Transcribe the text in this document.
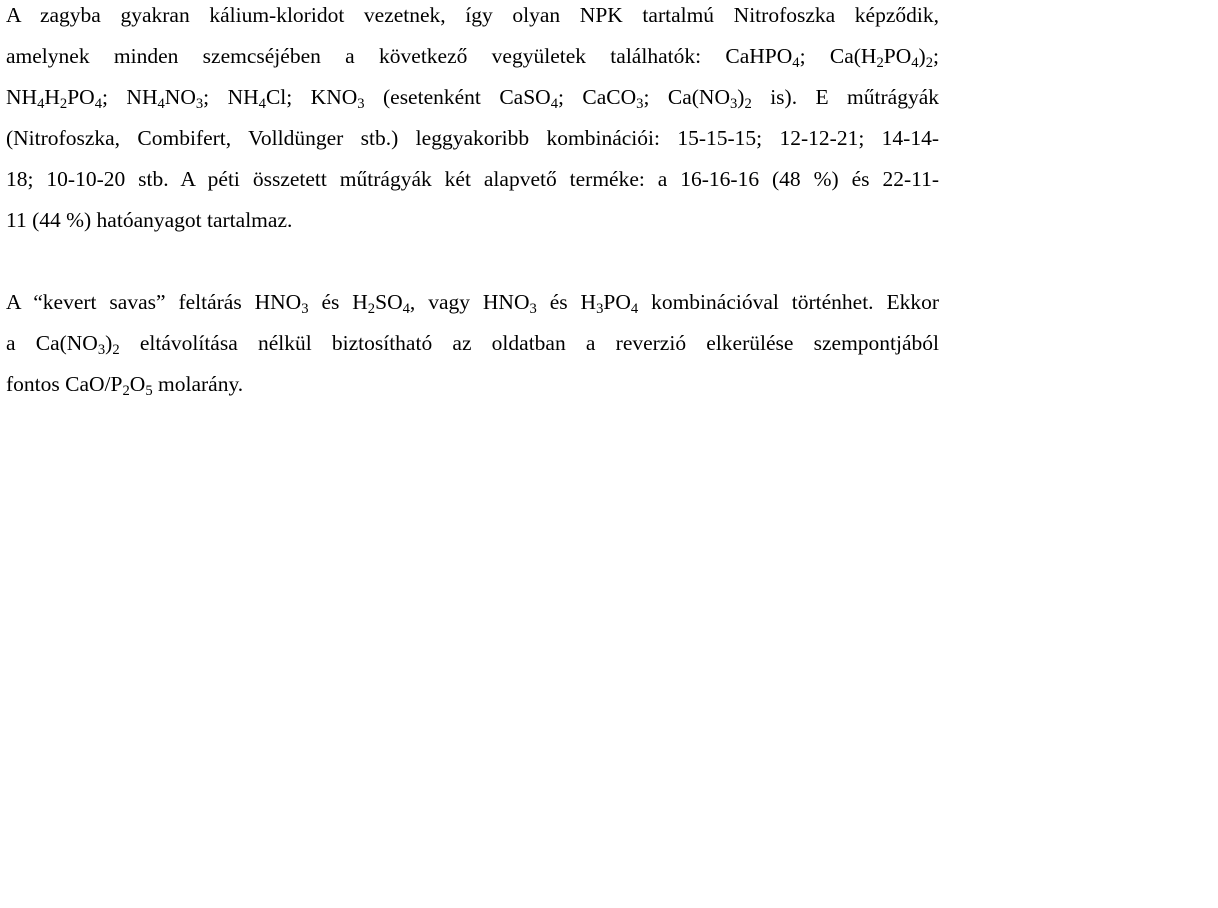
A zagyba gyakran kálium-kloridot vezetnek, így olyan NPK tartalmú Nitrofoszka képződik,
amelynek minden szemcséjében a következő vegyületek találhatók: CaHPO$_4$; $Ca(H_2PO_4)_2$;
$NH_4H_2PO_4$; $NH_4NO_3$; $NH_4Cl$; $KNO_3$ (esetenként CaSO$_4$; CaCO$_3$; $Ca(NO_3)_2$ is). E műtrágyák
(Nitrofoszka, Combifert, Volldünger stb.) leggyakoribb kombinációi: 15-15-15; 12-12-21; 14-14-
18; 10-10-20 stb. A péti összetett műtrágyák két alapvető terméke: a 16-16-16 (48 %) és 22-11-
11 (44 %) hatóanyagot tartalmaz.
A “kevert savas” feltárás $HNO_3$ és $H_2SO_4$, vagy $HNO_3$ és $H_3PO_4$ kombinációval történhet. Ekkor
a $Ca(NO_3)_2$ eltávolítása nélkül biztosítható az oldatban a reverzió elkerülése szempontjából
fontos CaO/$P_2O_5$ molarány.
